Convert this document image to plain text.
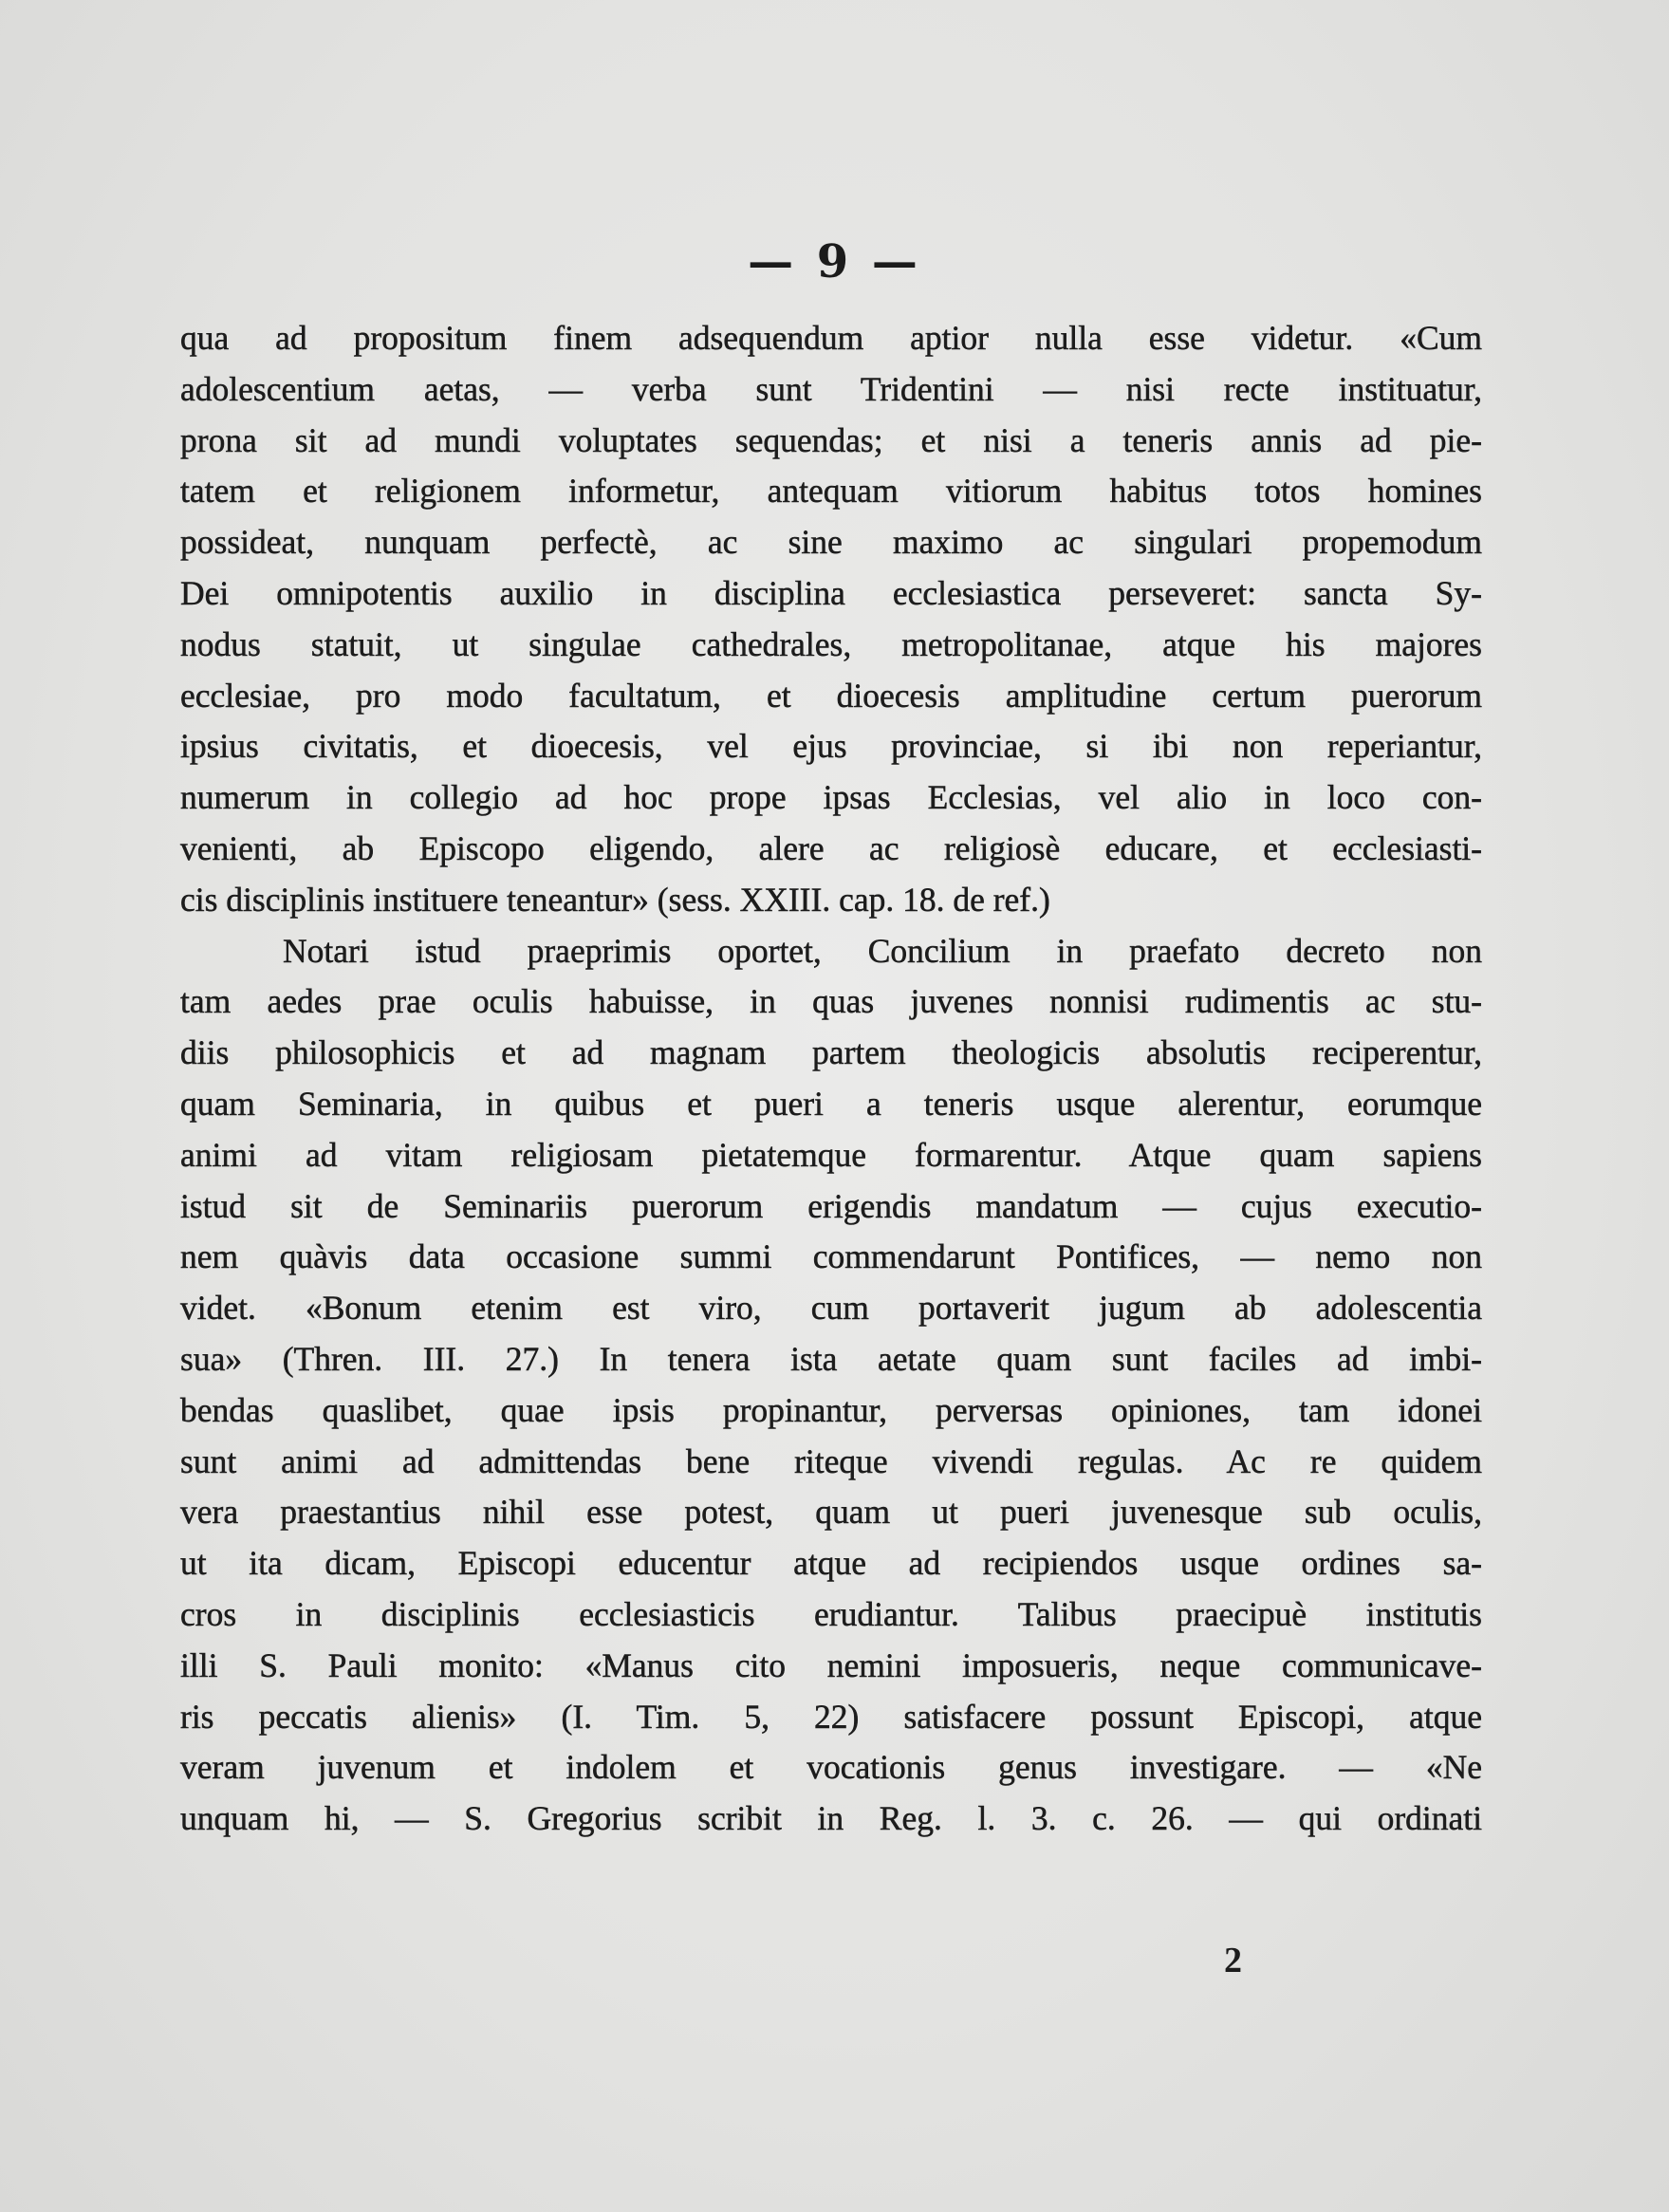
— 9 —
qua ad propositum finem adsequendum aptior nulla esse videtur. «Cum
adolescentium aetas, — verba sunt Tridentini — nisi recte instituatur,
prona sit ad mundi voluptates sequendas; et nisi a teneris annis ad pie-
tatem et religionem informetur, antequam vitiorum habitus totos homines
possideat, nunquam perfectè, ac sine maximo ac singulari propemodum
Dei omnipotentis auxilio in disciplina ecclesiastica perseveret: sancta Sy-
nodus statuit, ut singulae cathedrales, metropolitanae, atque his majores
ecclesiae, pro modo facultatum, et dioecesis amplitudine certum puerorum
ipsius civitatis, et dioecesis, vel ejus provinciae, si ibi non reperiantur,
numerum in collegio ad hoc prope ipsas Ecclesias, vel alio in loco con-
venienti, ab Episcopo eligendo, alere ac religiosè educare, et ecclesiasti-
cis disciplinis instituere teneantur» (sess. XXIII. cap. 18. de ref.)
Notari istud praeprimis oportet, Concilium in praefato decreto non
tam aedes prae oculis habuisse, in quas juvenes nonnisi rudimentis ac stu-
diis philosophicis et ad magnam partem theologicis absolutis reciperentur,
quam Seminaria, in quibus et pueri a teneris usque alerentur, eorumque
animi ad vitam religiosam pietatemque formarentur. Atque quam sapiens
istud sit de Seminariis puerorum erigendis mandatum — cujus executio-
nem quàvis data occasione summi commendarunt Pontifices, — nemo non
videt. «Bonum etenim est viro, cum portaverit jugum ab adolescentia
sua» (Thren. III. 27.) In tenera ista aetate quam sunt faciles ad imbi-
bendas quaslibet, quae ipsis propinantur, perversas opiniones, tam idonei
sunt animi ad admittendas bene riteque vivendi regulas. Ac re quidem
vera praestantius nihil esse potest, quam ut pueri juvenesque sub oculis,
ut ita dicam, Episcopi educentur atque ad recipiendos usque ordines sa-
cros in disciplinis ecclesiasticis erudiantur. Talibus praecipuè institutis
illi S. Pauli monito: «Manus cito nemini imposueris, neque communicave-
ris peccatis alienis» (I. Tim. 5, 22) satisfacere possunt Episcopi, atque
veram juvenum et indolem et vocationis genus investigare. — «Ne
unquam hi, — S. Gregorius scribit in Reg. l. 3. c. 26. — qui ordinati
2
